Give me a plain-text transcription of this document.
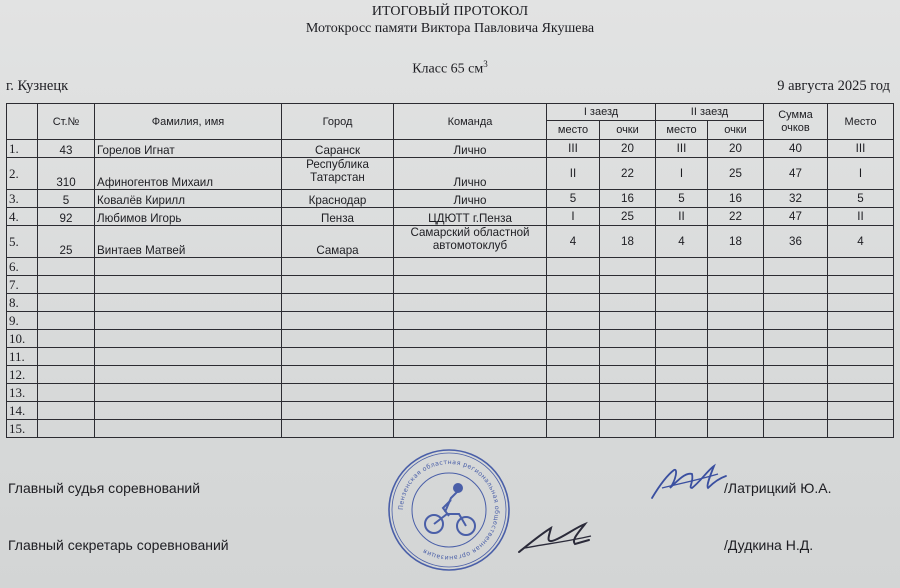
ИТОГОВЫЙ ПРОТОКОЛ
Мотокросс памяти Виктора Павловича Якушева
Класс 65 $см^3$
г. Кузнецк	9 августа 2025 год
	Ст.№	Фамилия, имя	Город	Команда	I заезд		II заезд		Сумма очков	Место
					место	очки	место	очки		
1.	43	Горелов Игнат	Саранск	Лично	III	20	III	20	40	III
2.	310	Афиногентов Михаил	Республика Татарстан	Лично	II	22	I	25	47	I
3.	5	Ковалёв Кирилл	Краснодар	Лично	5	16	5	16	32	5
4.	92	Любимов Игорь	Пенза	ЦДЮТТ г.Пенза	I	25	II	22	47	II
5.	25	Винтаев Матвей	Самара	Самарский областной автомотоклуб	4	18	4	18	36	4
6.										
7.										
8.										
9.										
10.										
11.										
12.										
13.										
14.										
15.										
Главный судья соревнований
Главный секретарь соревнований
/Латрицкий Ю.А.
/Дудкина Н.Д.
Пензенская областная региональная общественная организация
